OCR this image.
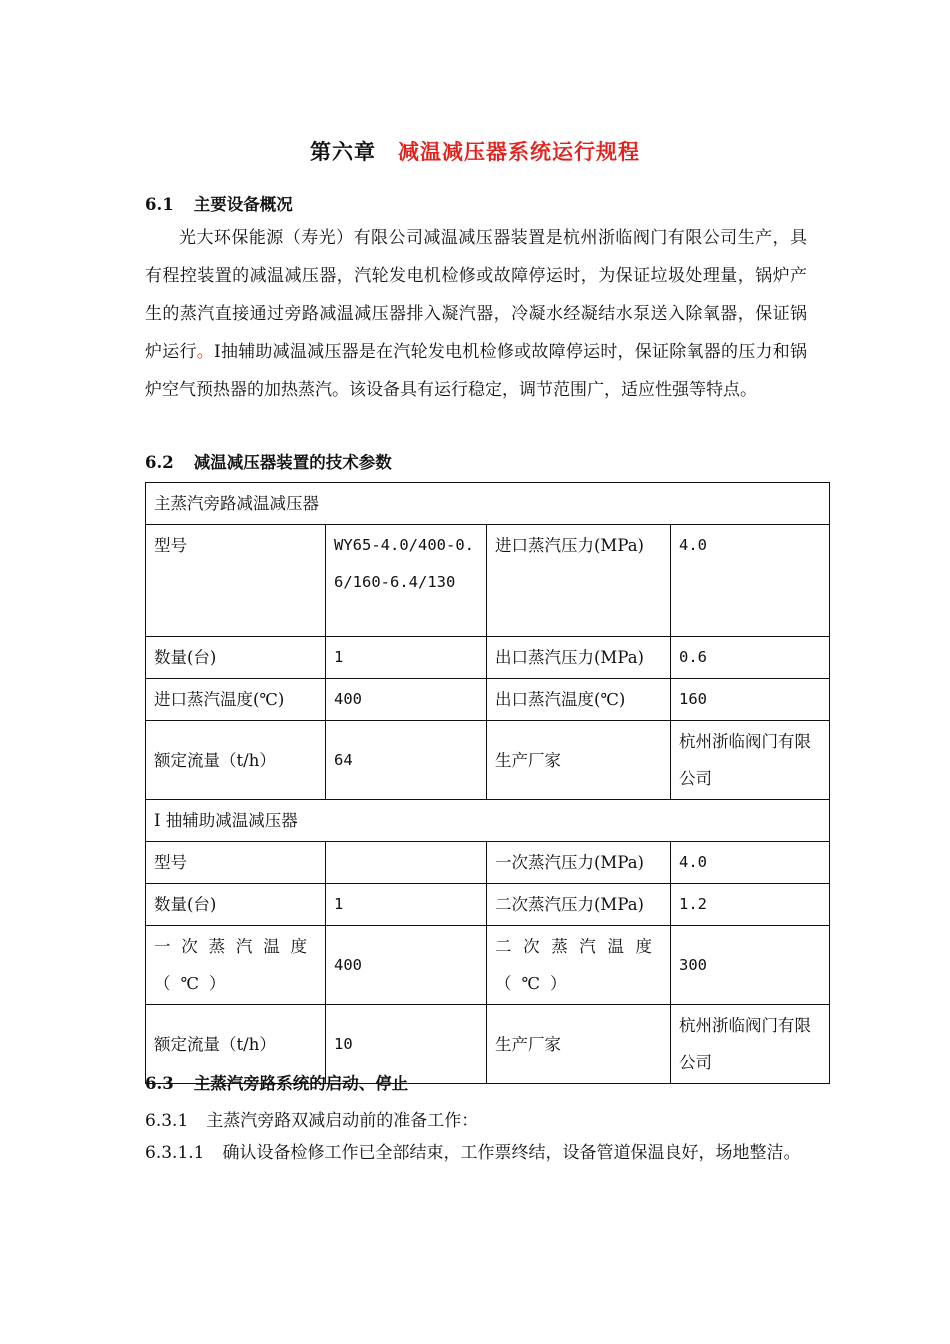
第六章 减温减压器系统运行规程
6.1 主要设备概况
光大环保能源（寿光）有限公司减温减压器装置是杭州浙临阀门有限公司生产，具有程控装置的减温减压器，汽轮发电机检修或故障停运时，为保证垃圾处理量，锅炉产生的蒸汽直接通过旁路减温减压器排入凝汽器，冷凝水经凝结水泵送入除氧器，保证锅炉运行。Ⅰ抽辅助减温减压器是在汽轮发电机检修或故障停运时，保证除氧器的压力和锅炉空气预热器的加热蒸汽。该设备具有运行稳定，调节范围广，适应性强等特点。
6.2 减温减压器装置的技术参数
主蒸汽旁路减温减压器			
型号	WY65-4.0/400-0.6/160-6.4/130	进口蒸汽压力(MPa)	4.0
数量(台)	1	出口蒸汽压力(MPa)	0.6
进口蒸汽温度(℃)	400	出口蒸汽温度(℃)	160
额定流量（t/h）	64	生产厂家	杭州浙临阀门有限公司
Ⅰ 抽辅助减温减压器			
型号		一次蒸汽压力(MPa)	4.0
数量(台)	1	二次蒸汽压力(MPa)	1.2
一次蒸汽温度（℃）	400	二次蒸汽温度（℃）	300
额定流量（t/h）	10	生产厂家	杭州浙临阀门有限公司
6.3 主蒸汽旁路系统的启动、停止
6.3.1 主蒸汽旁路双减启动前的准备工作：
6.3.1.1 确认设备检修工作已全部结束，工作票终结，设备管道保温良好，场地整洁。
